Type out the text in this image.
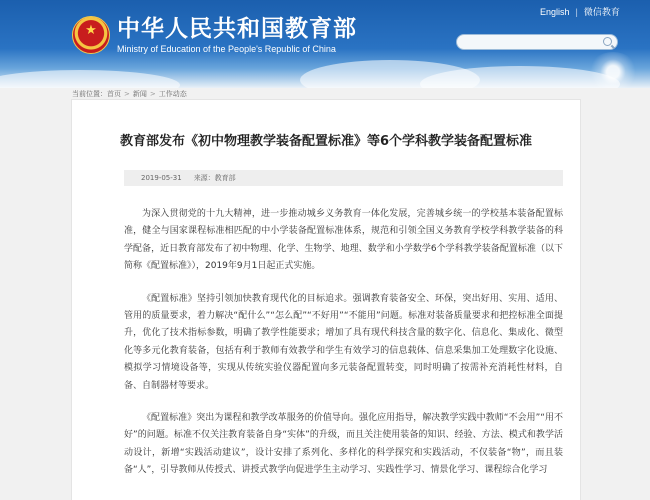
★
中华人民共和国教育部
Ministry of Education of the People's Republic of China
English | 微信教育
当前位置：首页 > 新闻 > 工作动态
教育部发布《初中物理教学装备配置标准》等6个学科教学装备配置标准
2019-05-31 来源：教育部

为深入贯彻党的十九大精神，进一步推动城乡义务教育一体化发展，完善城乡统一的学校基本装备配置标准，健全与国家课程标准相匹配的中小学装备配置标准体系，规范和引领全国义务教育学校学科教学装备的科学配备，近日教育部发布了初中物理、化学、生物学、地理、数学和小学数学6个学科教学装备配置标准（以下简称《配置标准》），2019年9月1日起正式实施。

《配置标准》坚持引领加快教育现代化的目标追求。强调教育装备安全、环保，突出好用、实用、适用、管用的质量要求，着力解决“配什么”“怎么配”“不好用”“不能用”问题。标准对装备质量要求和把控标准全面提升，优化了技术指标参数，明确了教学性能要求；增加了具有现代科技含量的数字化、信息化、集成化、微型化等多元化教育装备，包括有利于教师有效教学和学生有效学习的信息载体、信息采集加工处理数字化设施、模拟学习情境设备等，实现从传统实验仪器配置向多元装备配置转变，同时明确了按需补充消耗性材料，自备、自制器材等要求。

《配置标准》突出为课程和教学改革服务的价值导向。强化应用指导，解决教学实践中教师“不会用”“用不好”的问题。标准不仅关注教育装备自身“实体”的升级，而且关注使用装备的知识、经验、方法、模式和教学活动设计，新增“实践活动建议”，设计安排了系列化、多样化的科学探究和实践活动，不仅装备“物”，而且装备“人”，引导教师从传授式、讲授式教学向促进学生主动学习、实践性学习、情景化学习、课程综合化学习
